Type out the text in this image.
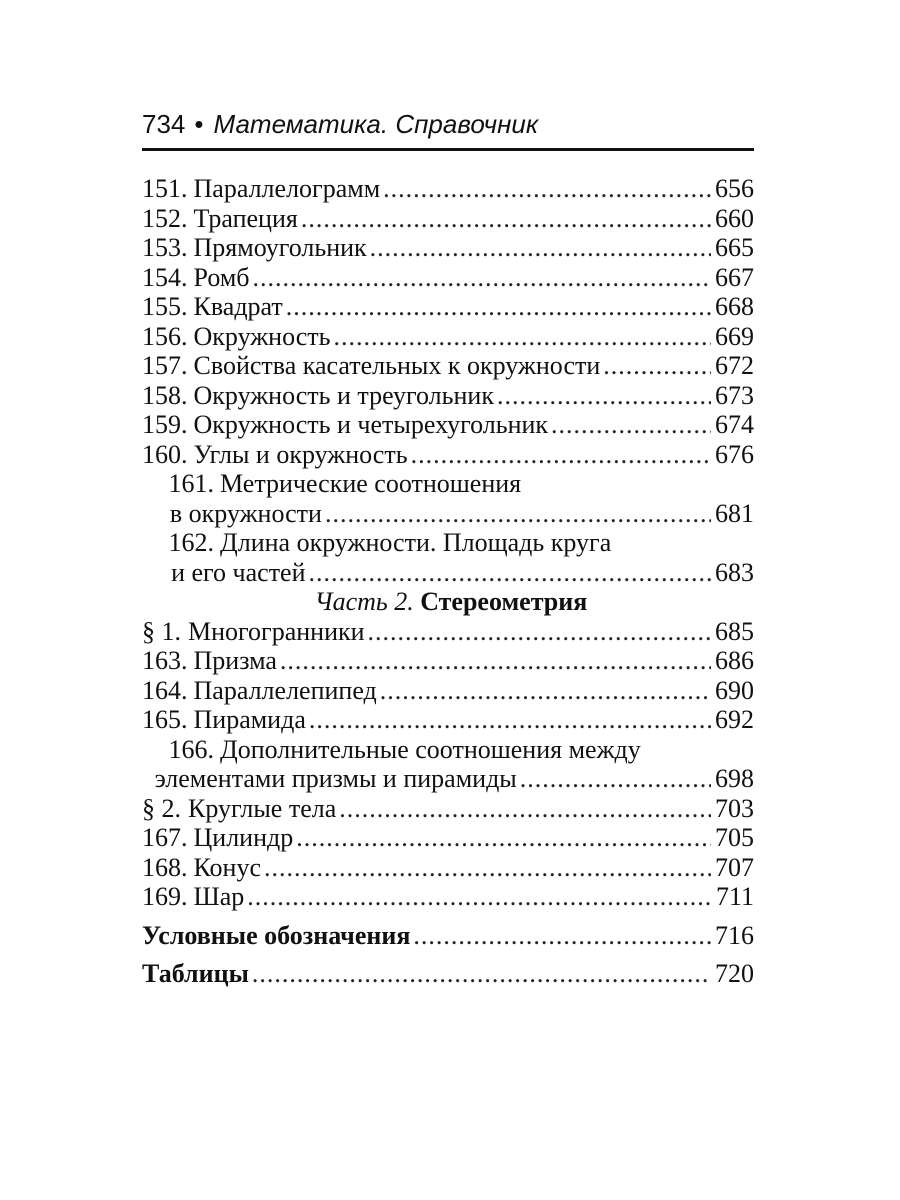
734 • Математика. Справочник
151. Параллелограмм .....	656
152. Трапеция .....	660
153. Прямоугольник .....	665
154. Ромб .....	667
155. Квадрат .....	668
156. Окружность .....	669
157. Свойства касательных к окружности .....	672
158. Окружность и треугольник .....	673
159. Окружность и четырехугольник .....	674
160. Углы и окружность .....	676
161. Метрические соотношения
в окружности .....	681
162. Длина окружности. Площадь круга
и его частей .....	683
Часть 2. Стереометрия
§ 1. Многогранники .....	685
163. Призма .....	686
164. Параллелепипед .....	690
165. Пирамида .....	692
166. Дополнительные соотношения между
элементами призмы и пирамиды .....	698
§ 2. Круглые тела .....	703
167. Цилиндр .....	705
168. Конус .....	707
169. Шар .....	711
Условные обозначения .....	716
Таблицы .....	720
